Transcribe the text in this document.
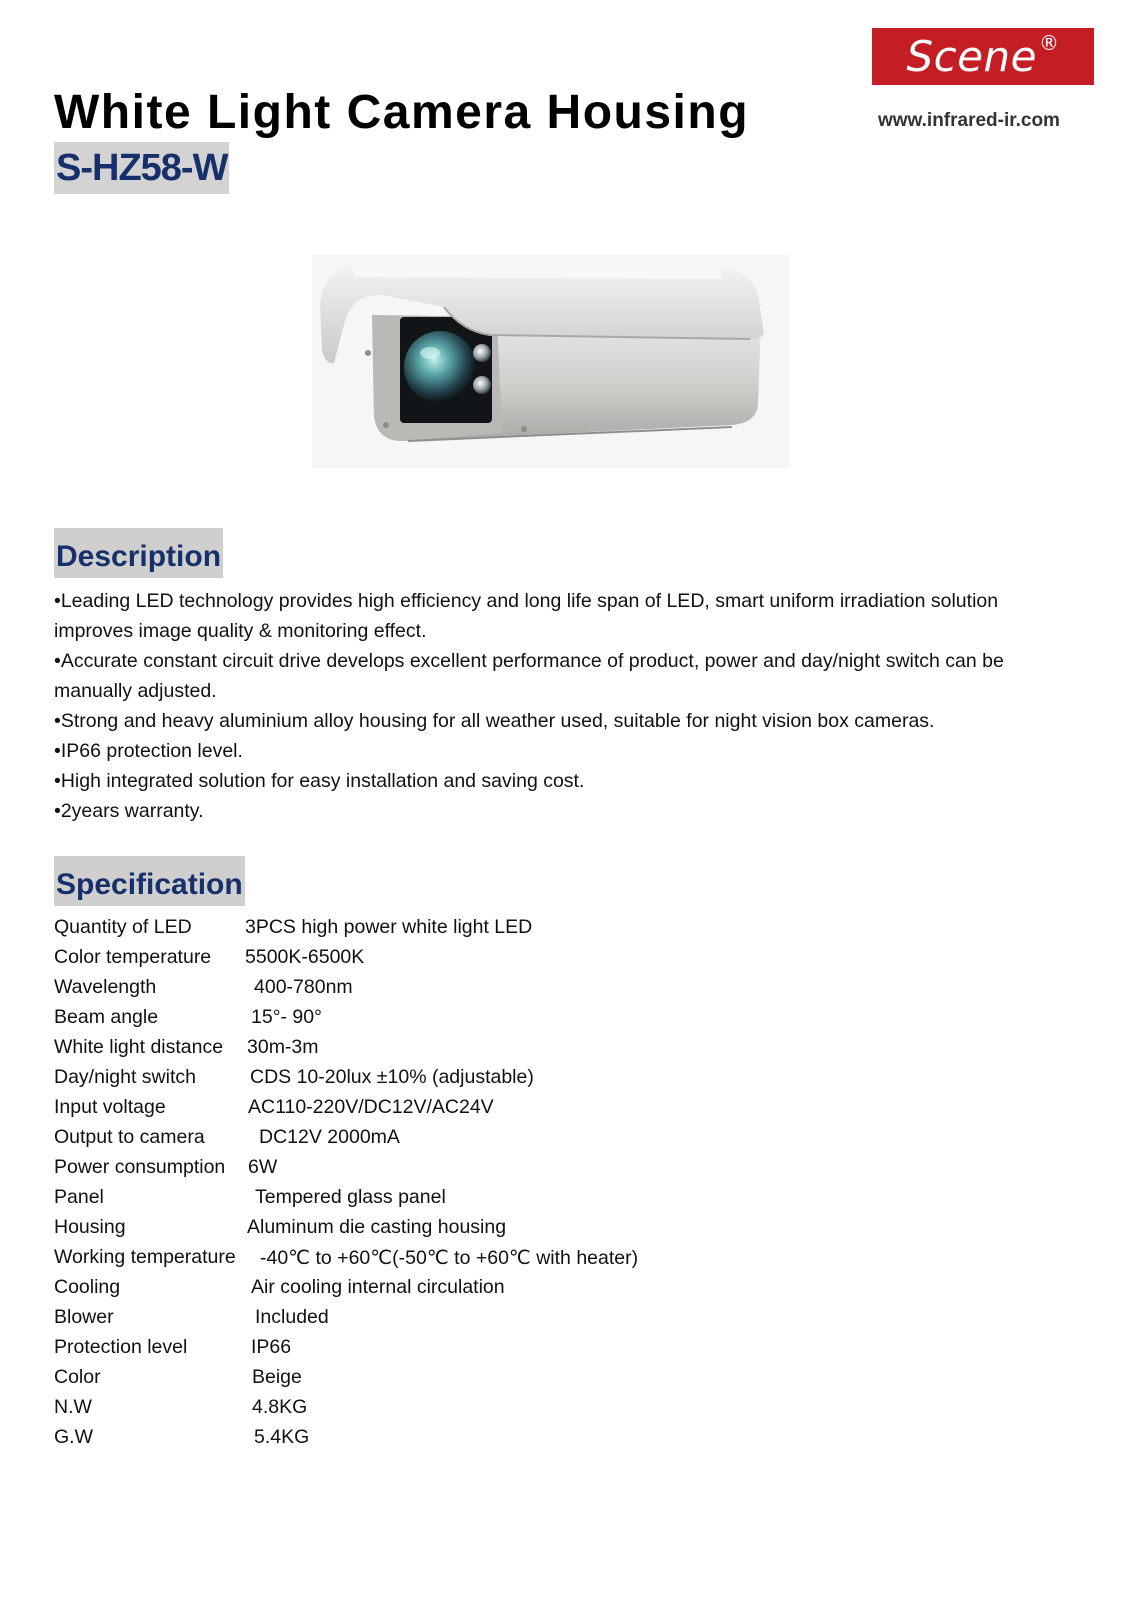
Scene ®
www.infrared-ir.com
White Light Camera Housing
S-HZ58-W
Description
• Leading LED technology provides high efficiency and long life span of LED, smart uniform irradiation solution improves image quality & monitoring effect.
• Accurate constant circuit drive develops excellent performance of product, power and day/night switch can be manually adjusted.
• Strong and heavy aluminium alloy housing for all weather used, suitable for night vision box cameras.
• IP66 protection level.
• High integrated solution for easy installation and saving cost.
• 2years warranty.
Specification
Quantity of LED	3PCS high power white light LED
Color temperature 5500K-6500K
Wavelength	400-780nm
Beam angle	15°- 90°
White light distance 30m-3m
Day/night switch	CDS 10-20lux ±10% (adjustable)
Input voltage	AC110-220V/DC12V/AC24V
Output to camera	DC12V 2000mA
Power consumption 6W
Panel	Tempered glass panel
Housing	Aluminum die casting housing
Working temperature -40℃ to +60℃(-50℃ to +60℃ with heater)
Cooling	Air cooling internal circulation
Blower	Included
Protection level	IP66
Color	Beige
N.W	4.8KG
G.W	5.4KG
